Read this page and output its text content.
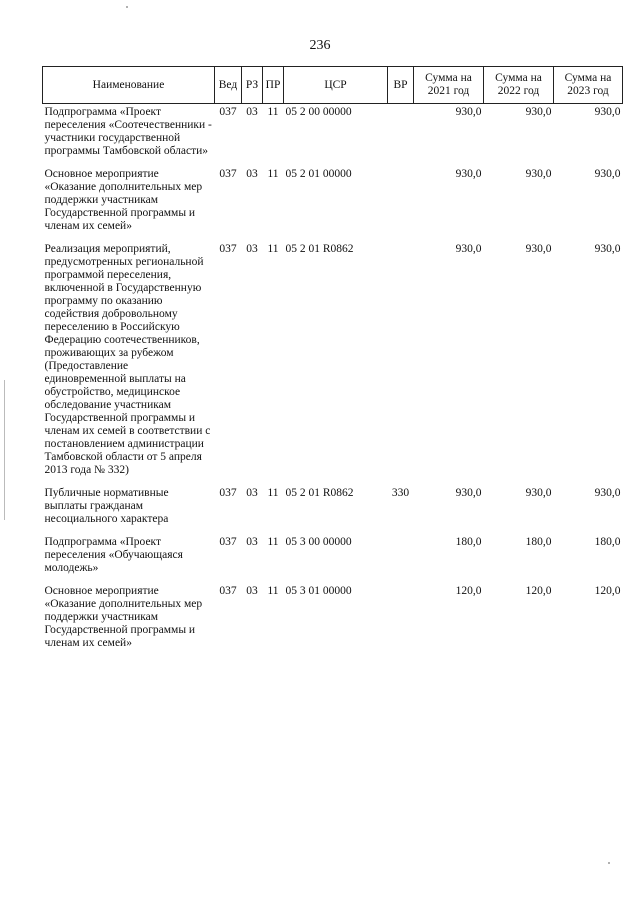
236
Наименование	Вед	РЗ	ПР	ЦСР	ВР	Сумма на 2021 год	Сумма на 2022 год	Сумма на 2023 год
Подпрограмма «Проект переселения «Соотечественники - участники государственной программы Тамбовской области»	037	03	11	05 2 00 00000		930,0	930,0	930,0
Основное мероприятие «Оказание дополнительных мер поддержки участникам Государственной программы и членам их семей»	037	03	11	05 2 01 00000		930,0	930,0	930,0
Реализация мероприятий, предусмотренных региональной программой переселения, включенной в Государственную программу по оказанию содействия добровольному переселению в Российскую Федерацию соотечественников, проживающих за рубежом (Предоставление единовременной выплаты на обустройство, медицинское обследование участникам Государственной программы и членам их семей в соответствии с постановлением администрации Тамбовской области от 5 апреля 2013 года № 332)	037	03	11	05 2 01 R0862		930,0	930,0	930,0
Публичные нормативные выплаты гражданам несоциального характера	037	03	11	05 2 01 R0862	330	930,0	930,0	930,0
Подпрограмма «Проект переселения «Обучающаяся молодежь»	037	03	11	05 3 00 00000		180,0	180,0	180,0
Основное мероприятие «Оказание дополнительных мер поддержки участникам Государственной программы и членам их семей»	037	03	11	05 3 01 00000		120,0	120,0	120,0
